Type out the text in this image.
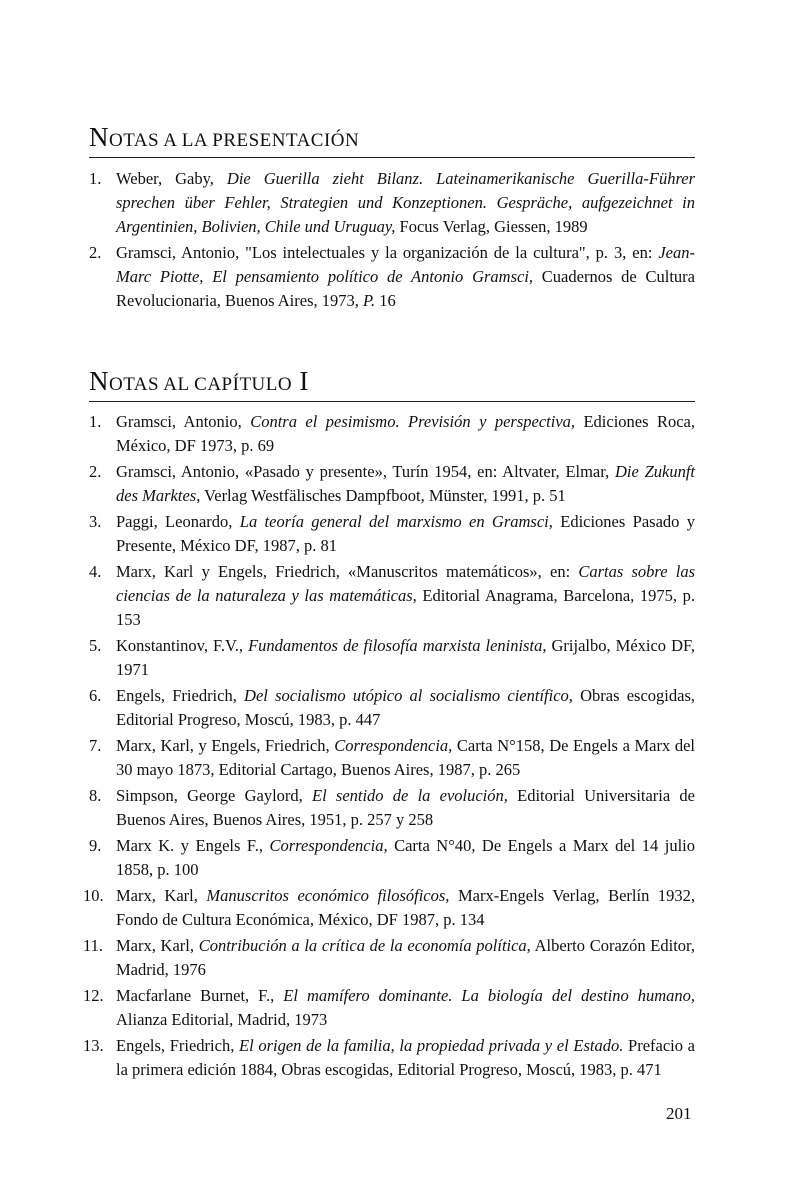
NOTAS A LA PRESENTACIÓN
1. Weber, Gaby, Die Guerilla zieht Bilanz. Lateinamerikanische Guerilla-Führer sprechen über Fehler, Strategien und Konzeptionen. Gespräche, aufgezeichnet in Argentinien, Bolivien, Chile und Uruguay, Focus Verlag, Giessen, 1989
2. Gramsci, Antonio, "Los intelectuales y la organización de la cultura", p. 3, en: Jean-Marc Piotte, El pensamiento político de Antonio Gramsci, Cuadernos de Cultura Revolucionaria, Buenos Aires, 1973, P. 16
NOTAS AL CAPÍTULO I
1. Gramsci, Antonio, Contra el pesimismo. Previsión y perspectiva, Ediciones Roca, México, DF 1973, p. 69
2. Gramsci, Antonio, «Pasado y presente», Turín 1954, en: Altvater, Elmar, Die Zukunft des Marktes, Verlag Westfälisches Dampfboot, Münster, 1991, p. 51
3. Paggi, Leonardo, La teoría general del marxismo en Gramsci, Ediciones Pasado y Presente, México DF, 1987, p. 81
4. Marx, Karl y Engels, Friedrich, «Manuscritos matemáticos», en: Cartas sobre las ciencias de la naturaleza y las matemáticas, Editorial Anagrama, Barcelona, 1975, p. 153
5. Konstantinov, F.V., Fundamentos de filosofía marxista leninista, Grijalbo, México DF, 1971
6. Engels, Friedrich, Del socialismo utópico al socialismo científico, Obras escogidas, Editorial Progreso, Moscú, 1983, p. 447
7. Marx, Karl, y Engels, Friedrich, Correspondencia, Carta N°158, De Engels a Marx del 30 mayo 1873, Editorial Cartago, Buenos Aires, 1987, p. 265
8. Simpson, George Gaylord, El sentido de la evolución, Editorial Universitaria de Buenos Aires, Buenos Aires, 1951, p. 257 y 258
9. Marx K. y Engels F., Correspondencia, Carta N°40, De Engels a Marx del 14 julio 1858, p. 100
10. Marx, Karl, Manuscritos económico filosóficos, Marx-Engels Verlag, Berlín 1932, Fondo de Cultura Económica, México, DF 1987, p. 134
11. Marx, Karl, Contribución a la crítica de la economía política, Alberto Corazón Editor, Madrid, 1976
12. Macfarlane Burnet, F., El mamífero dominante. La biología del destino humano, Alianza Editorial, Madrid, 1973
13. Engels, Friedrich, El origen de la familia, la propiedad privada y el Estado. Prefacio a la primera edición 1884, Obras escogidas, Editorial Progreso, Moscú, 1983, p. 471
201
